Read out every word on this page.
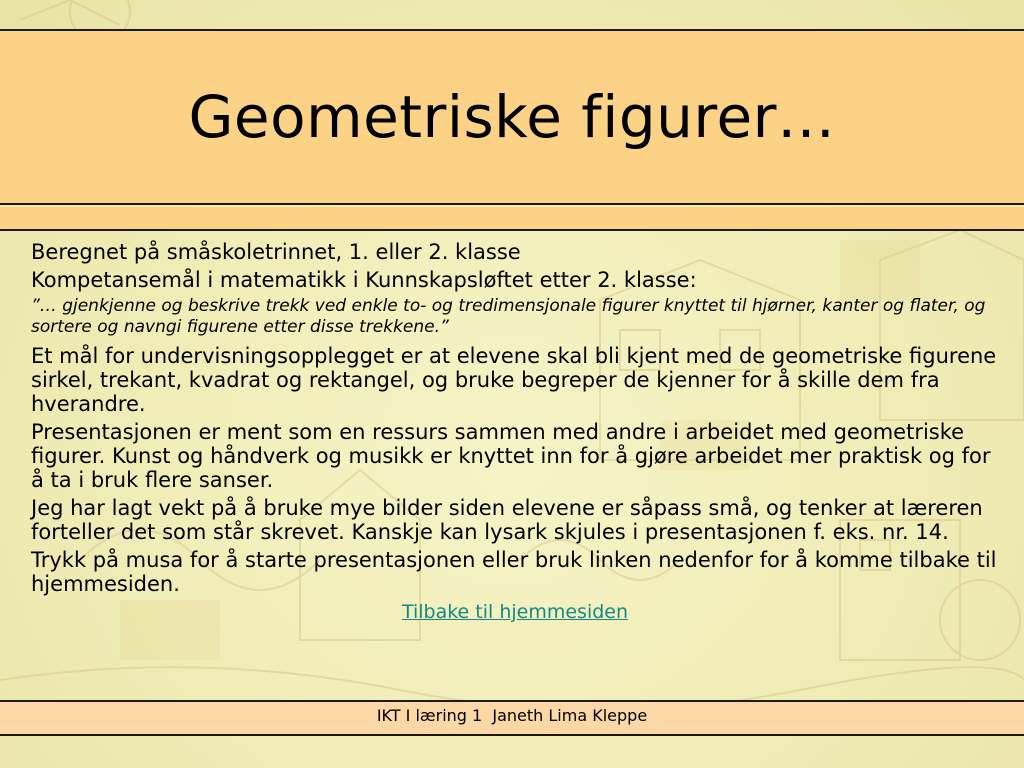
Geometriske figurer…

Beregnet på småskoletrinnet, 1. eller 2. klasse

Kompetansemål i matematikk i Kunnskapsløftet etter 2. klasse:

”… gjenkjenne og beskrive trekk ved enkle to- og tredimensjonale figurer knyttet til hjørner, kanter og flater, og sortere og navngi figurene etter disse trekkene.”

Et mål for undervisningsopplegget er at elevene skal bli kjent med de geometriske figurene sirkel, trekant, kvadrat og rektangel, og bruke begreper de kjenner for å skille dem fra hverandre.

Presentasjonen er ment som en ressurs sammen med andre i arbeidet med geometriske figurer. Kunst og håndverk og musikk er knyttet inn for å gjøre arbeidet mer praktisk og for å ta i bruk flere sanser.

Jeg har lagt vekt på å bruke mye bilder siden elevene er såpass små, og tenker at læreren forteller det som står skrevet. Kanskje kan lysark skjules i presentasjonen f. eks. nr. 14.

Trykk på musa for å starte presentasjonen eller bruk linken nedenfor for å komme tilbake til hjemmesiden.

Tilbake til hjemmesiden
IKT I læring 1  Janeth Lima Kleppe
